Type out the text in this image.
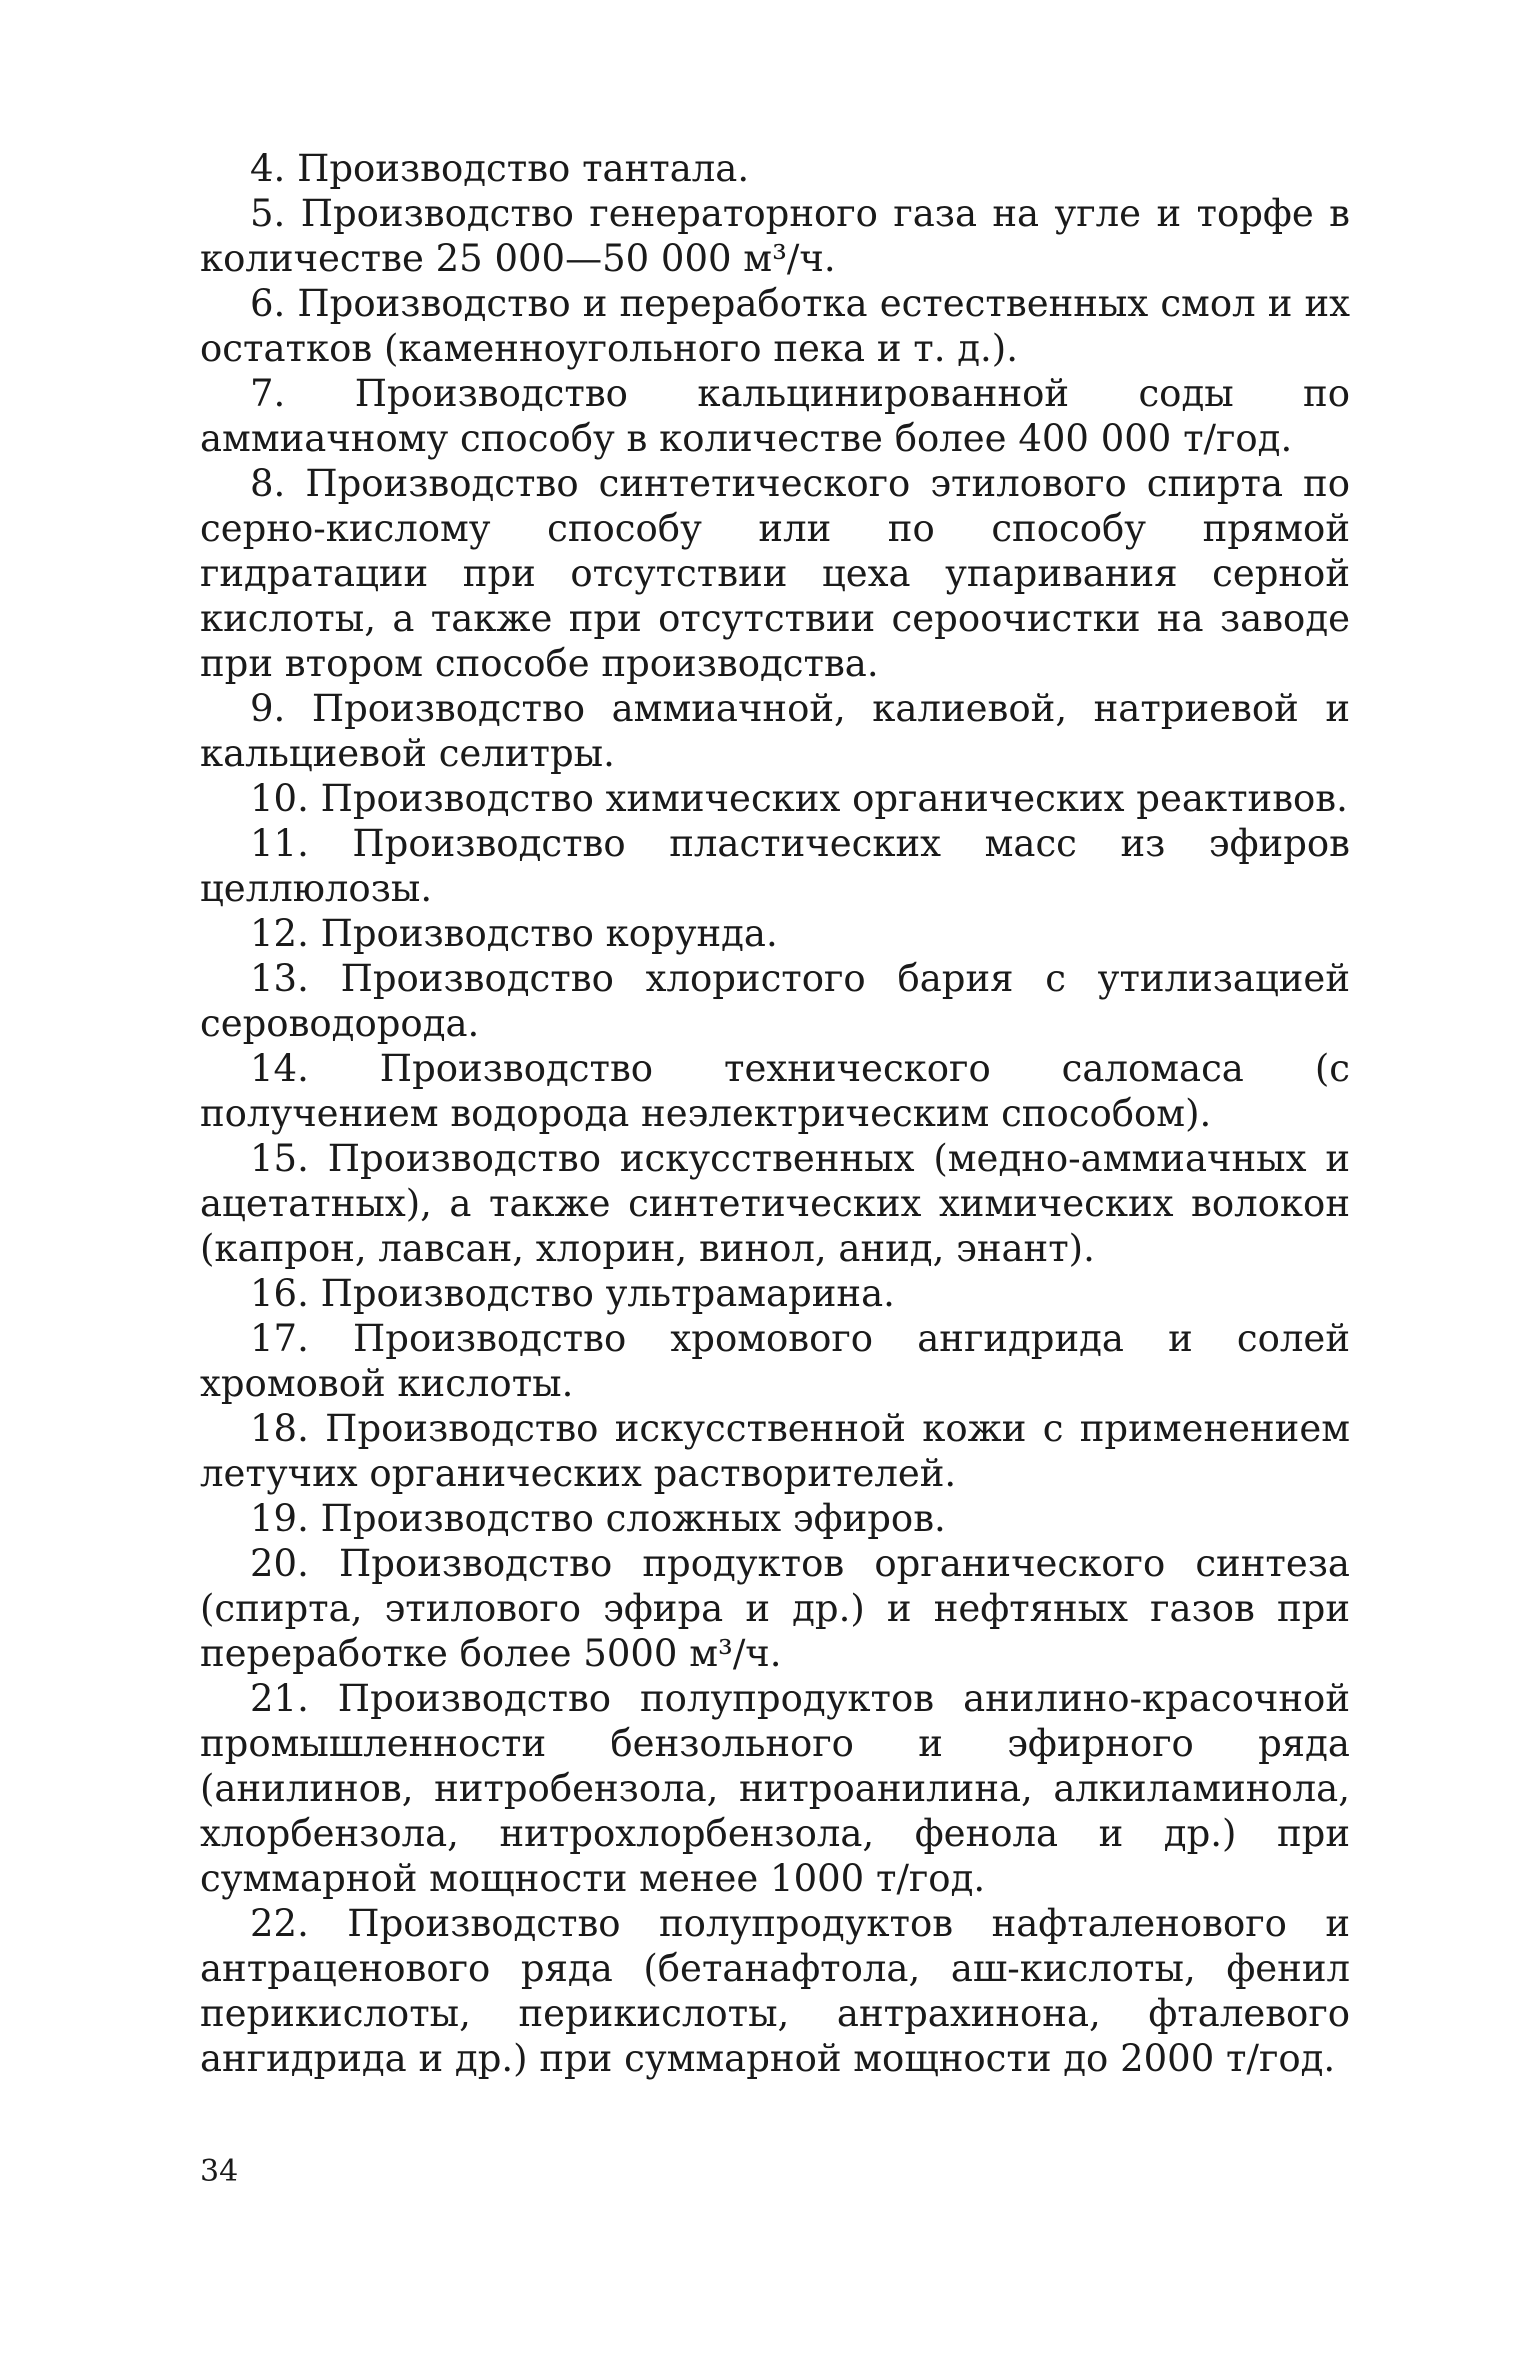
4. Производство тантала.

5. Производство генераторного газа на угле и торфе в количестве 25 000—50 000 м³/ч.

6. Производство и переработка естественных смол и их остатков (каменноугольного пека и т. д.).

7. Производство кальцинированной соды по аммиачному способу в количестве более 400 000 т/год.

8. Производство синтетического этилового спирта по серно-кислому способу или по способу прямой гидратации при отсутствии цеха упаривания серной кислоты, а также при отсутствии сероочистки на заводе при втором способе производства.

9. Производство аммиачной, калиевой, натриевой и кальциевой селитры.

10. Производство химических органических реактивов.

11. Производство пластических масс из эфиров целлюлозы.

12. Производство корунда.

13. Производство хлористого бария с утилизацией сероводорода.

14. Производство технического саломаса (с получением водорода неэлектрическим способом).

15. Производство искусственных (медно-аммиачных и ацетатных), а также синтетических химических волокон (капрон, лавсан, хлорин, винол, анид, энант).

16. Производство ультрамарина.

17. Производство хромового ангидрида и солей хромовой кислоты.

18. Производство искусственной кожи с применением летучих органических растворителей.

19. Производство сложных эфиров.

20. Производство продуктов органического синтеза (спирта, этилового эфира и др.) и нефтяных газов при переработке более 5000 м³/ч.

21. Производство полупродуктов анилино-красочной промышленности бензольного и эфирного ряда (анилинов, нитробензола, нитроанилина, алкиламинола, хлорбензола, нитрохлорбензола, фенола и др.) при суммарной мощности менее 1000 т/год.

22. Производство полупродуктов нафталенового и антраценового ряда (бетанафтола, аш-кислоты, фенил перикислоты, перикислоты, антрахинона, фталевого ангидрида и др.) при суммарной мощности до 2000 т/год.

34
